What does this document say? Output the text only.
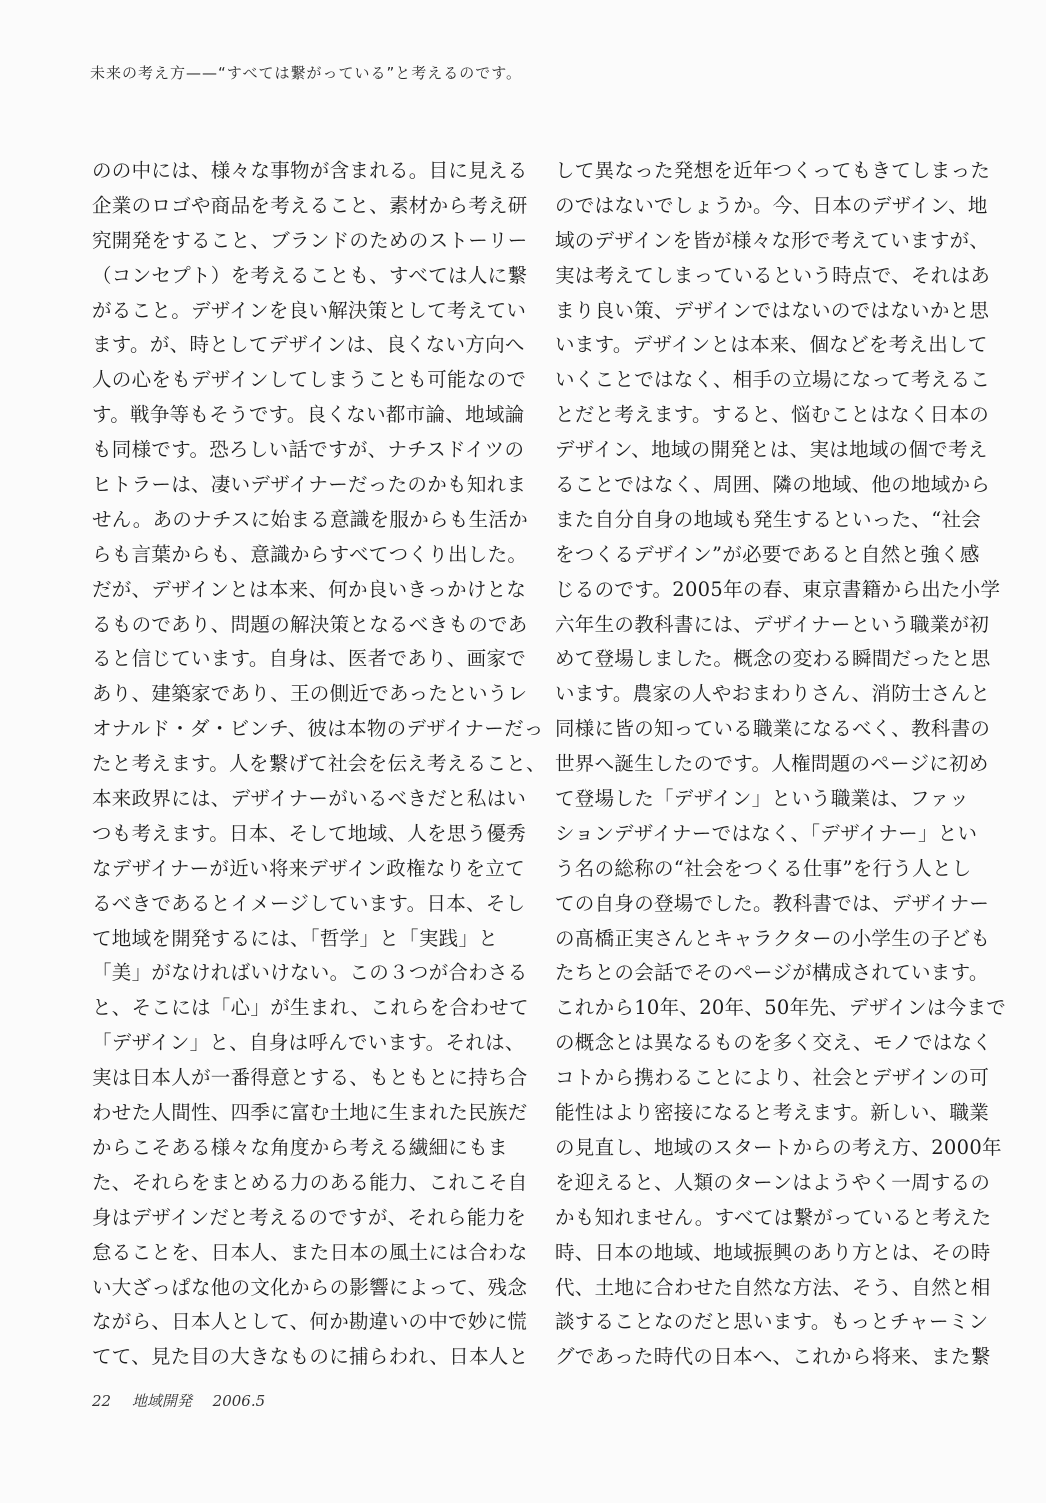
未来の考え方——“すべては繋がっている”と考えるのです。
のの中には、様々な事物が含まれる。目に見える
企業のロゴや商品を考えること、素材から考え研
究開発をすること、ブランドのためのストーリー
（コンセプト）を考えることも、すべては人に繋
がること。デザインを良い解決策として考えてい
ます。が、時としてデザインは、良くない方向へ
人の心をもデザインしてしまうことも可能なので
す。戦争等もそうです。良くない都市論、地域論
も同様です。恐ろしい話ですが、ナチスドイツの
ヒトラーは、凄いデザイナーだったのかも知れま
せん。あのナチスに始まる意識を服からも生活か
らも言葉からも、意識からすべてつくり出した。
だが、デザインとは本来、何か良いきっかけとな
るものであり、問題の解決策となるべきものであ
ると信じています。自身は、医者であり、画家で
あり、建築家であり、王の側近であったというレ
オナルド・ダ・ビンチ、彼は本物のデザイナーだっ
たと考えます。人を繋げて社会を伝え考えること、
本来政界には、デザイナーがいるべきだと私はい
つも考えます。日本、そして地域、人を思う優秀
なデザイナーが近い将来デザイン政権なりを立て
るべきであるとイメージしています。日本、そし
て地域を開発するには、「哲学」と「実践」と
「美」がなければいけない。この３つが合わさる
と、そこには「心」が生まれ、これらを合わせて
「デザイン」と、自身は呼んでいます。それは、
実は日本人が一番得意とする、もともとに持ち合
わせた人間性、四季に富む土地に生まれた民族だ
からこそある様々な角度から考える繊細にもま
た、それらをまとめる力のある能力、これこそ自
身はデザインだと考えるのですが、それら能力を
怠ることを、日本人、また日本の風土には合わな
い大ざっぱな他の文化からの影響によって、残念
ながら、日本人として、何か勘違いの中で妙に慌
てて、見た目の大きなものに捕らわれ、日本人と
して異なった発想を近年つくってもきてしまった
のではないでしょうか。今、日本のデザイン、地
域のデザインを皆が様々な形で考えていますが、
実は考えてしまっているという時点で、それはあ
まり良い策、デザインではないのではないかと思
います。デザインとは本来、個などを考え出して
いくことではなく、相手の立場になって考えるこ
とだと考えます。すると、悩むことはなく日本の
デザイン、地域の開発とは、実は地域の個で考え
ることではなく、周囲、隣の地域、他の地域から
また自分自身の地域も発生するといった、“社会
をつくるデザイン”が必要であると自然と強く感
じるのです。2005年の春、東京書籍から出た小学
六年生の教科書には、デザイナーという職業が初
めて登場しました。概念の変わる瞬間だったと思
います。農家の人やおまわりさん、消防士さんと
同様に皆の知っている職業になるべく、教科書の
世界へ誕生したのです。人権問題のページに初め
て登場した「デザイン」という職業は、ファッ
ションデザイナーではなく、「デザイナー」とい
う名の総称の“社会をつくる仕事”を行う人とし
ての自身の登場でした。教科書では、デザイナー
の髙橋正実さんとキャラクターの小学生の子ども
たちとの会話でそのページが構成されています。
これから10年、20年、50年先、デザインは今まで
の概念とは異なるものを多く交え、モノではなく
コトから携わることにより、社会とデザインの可
能性はより密接になると考えます。新しい、職業
の見直し、地域のスタートからの考え方、2000年
を迎えると、人類のターンはようやく一周するの
かも知れません。すべては繋がっていると考えた
時、日本の地域、地域振興のあり方とは、その時
代、土地に合わせた自然な方法、そう、自然と相
談することなのだと思います。もっとチャーミン
グであった時代の日本へ、これから将来、また繋
22 地域開発 2006.5
